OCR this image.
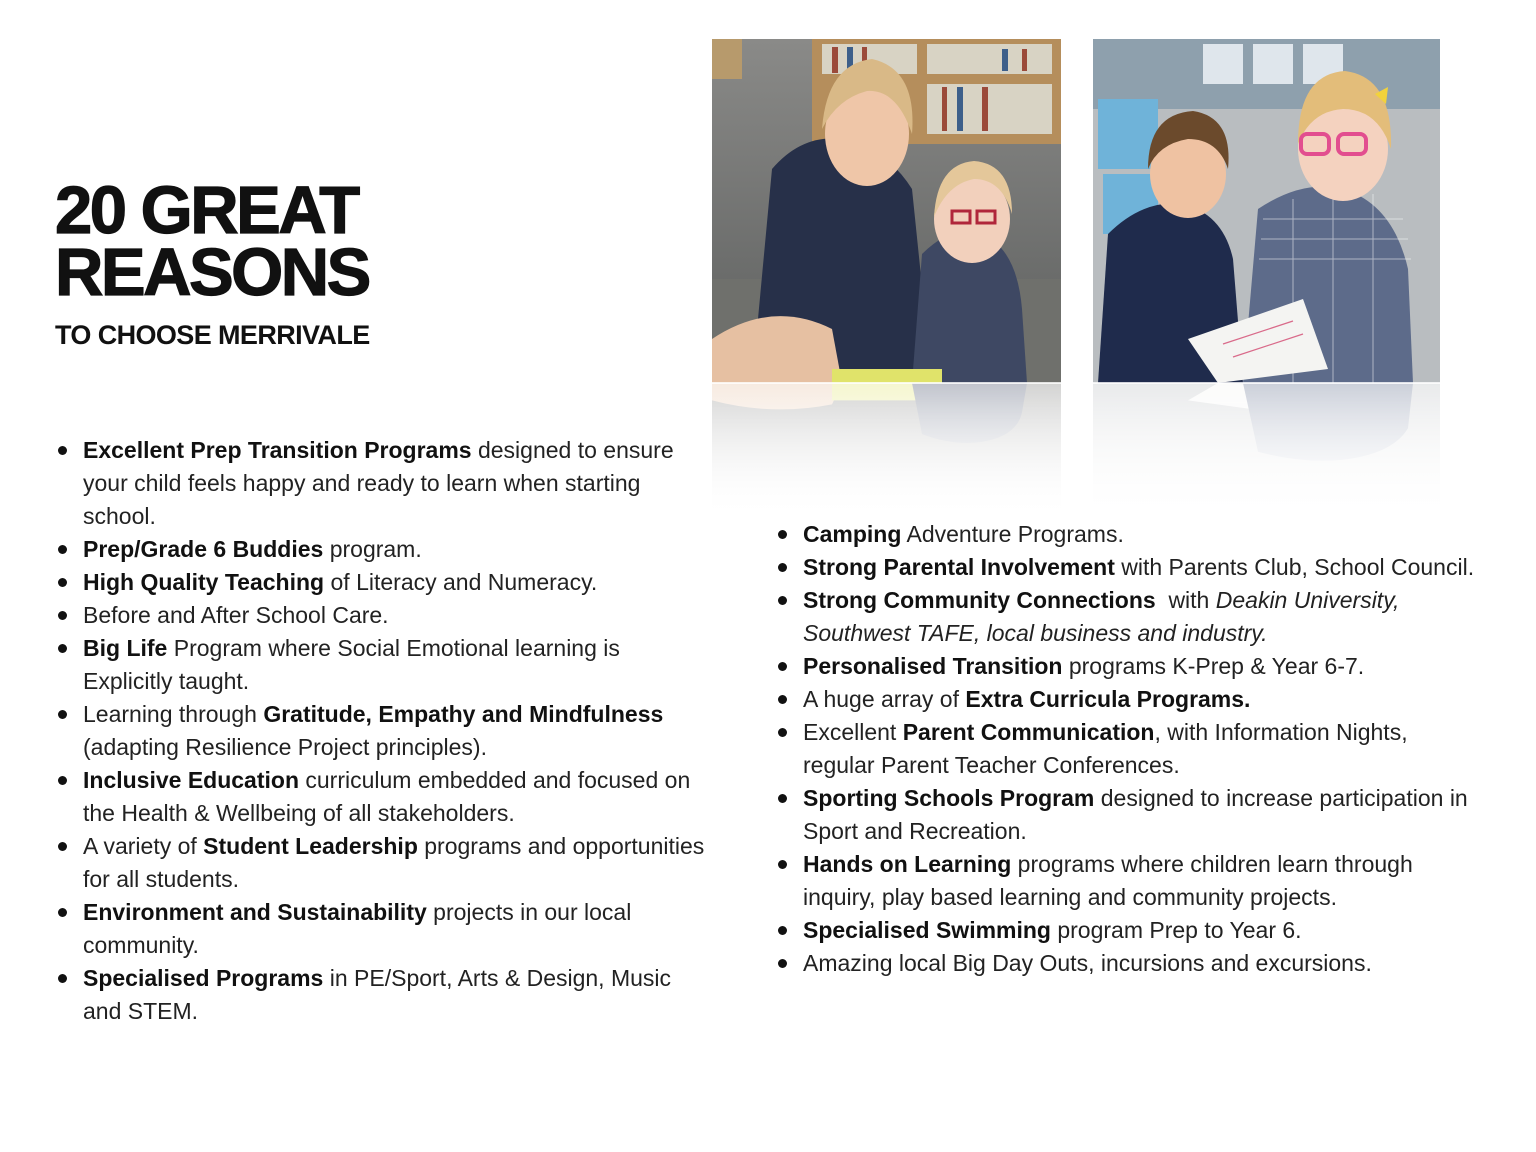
20 GREAT
REASONS
TO CHOOSE MERRIVALE
Excellent Prep Transition Programs designed to ensure your child feels happy and ready to learn when starting school.
Prep/Grade 6 Buddies program.
High Quality Teaching of Literacy and Numeracy.
Before and After School Care.
Big Life Program where Social Emotional learning is Explicitly taught.
Learning through Gratitude, Empathy and Mindfulness (adapting Resilience Project principles).
Inclusive Education curriculum embedded and focused on the Health & Wellbeing of all stakeholders.
A variety of Student Leadership programs and opportunities for all students.
Environment and Sustainability projects in our local community.
Specialised Programs in PE/Sport, Arts & Design, Music and STEM.
Camping Adventure Programs.
Strong Parental Involvement with Parents Club, School Council.
Strong Community Connections  with Deakin University, Southwest TAFE, local business and industry.
Personalised Transition programs K-Prep & Year 6-7.
A huge array of Extra Curricula Programs.
Excellent Parent Communication, with Information Nights, regular Parent Teacher Conferences.
Sporting Schools Program designed to increase participation in Sport and Recreation.
Hands on Learning programs where children learn through inquiry, play based learning and community projects.
Specialised Swimming program Prep to Year 6.
Amazing local Big Day Outs, incursions and excursions.
